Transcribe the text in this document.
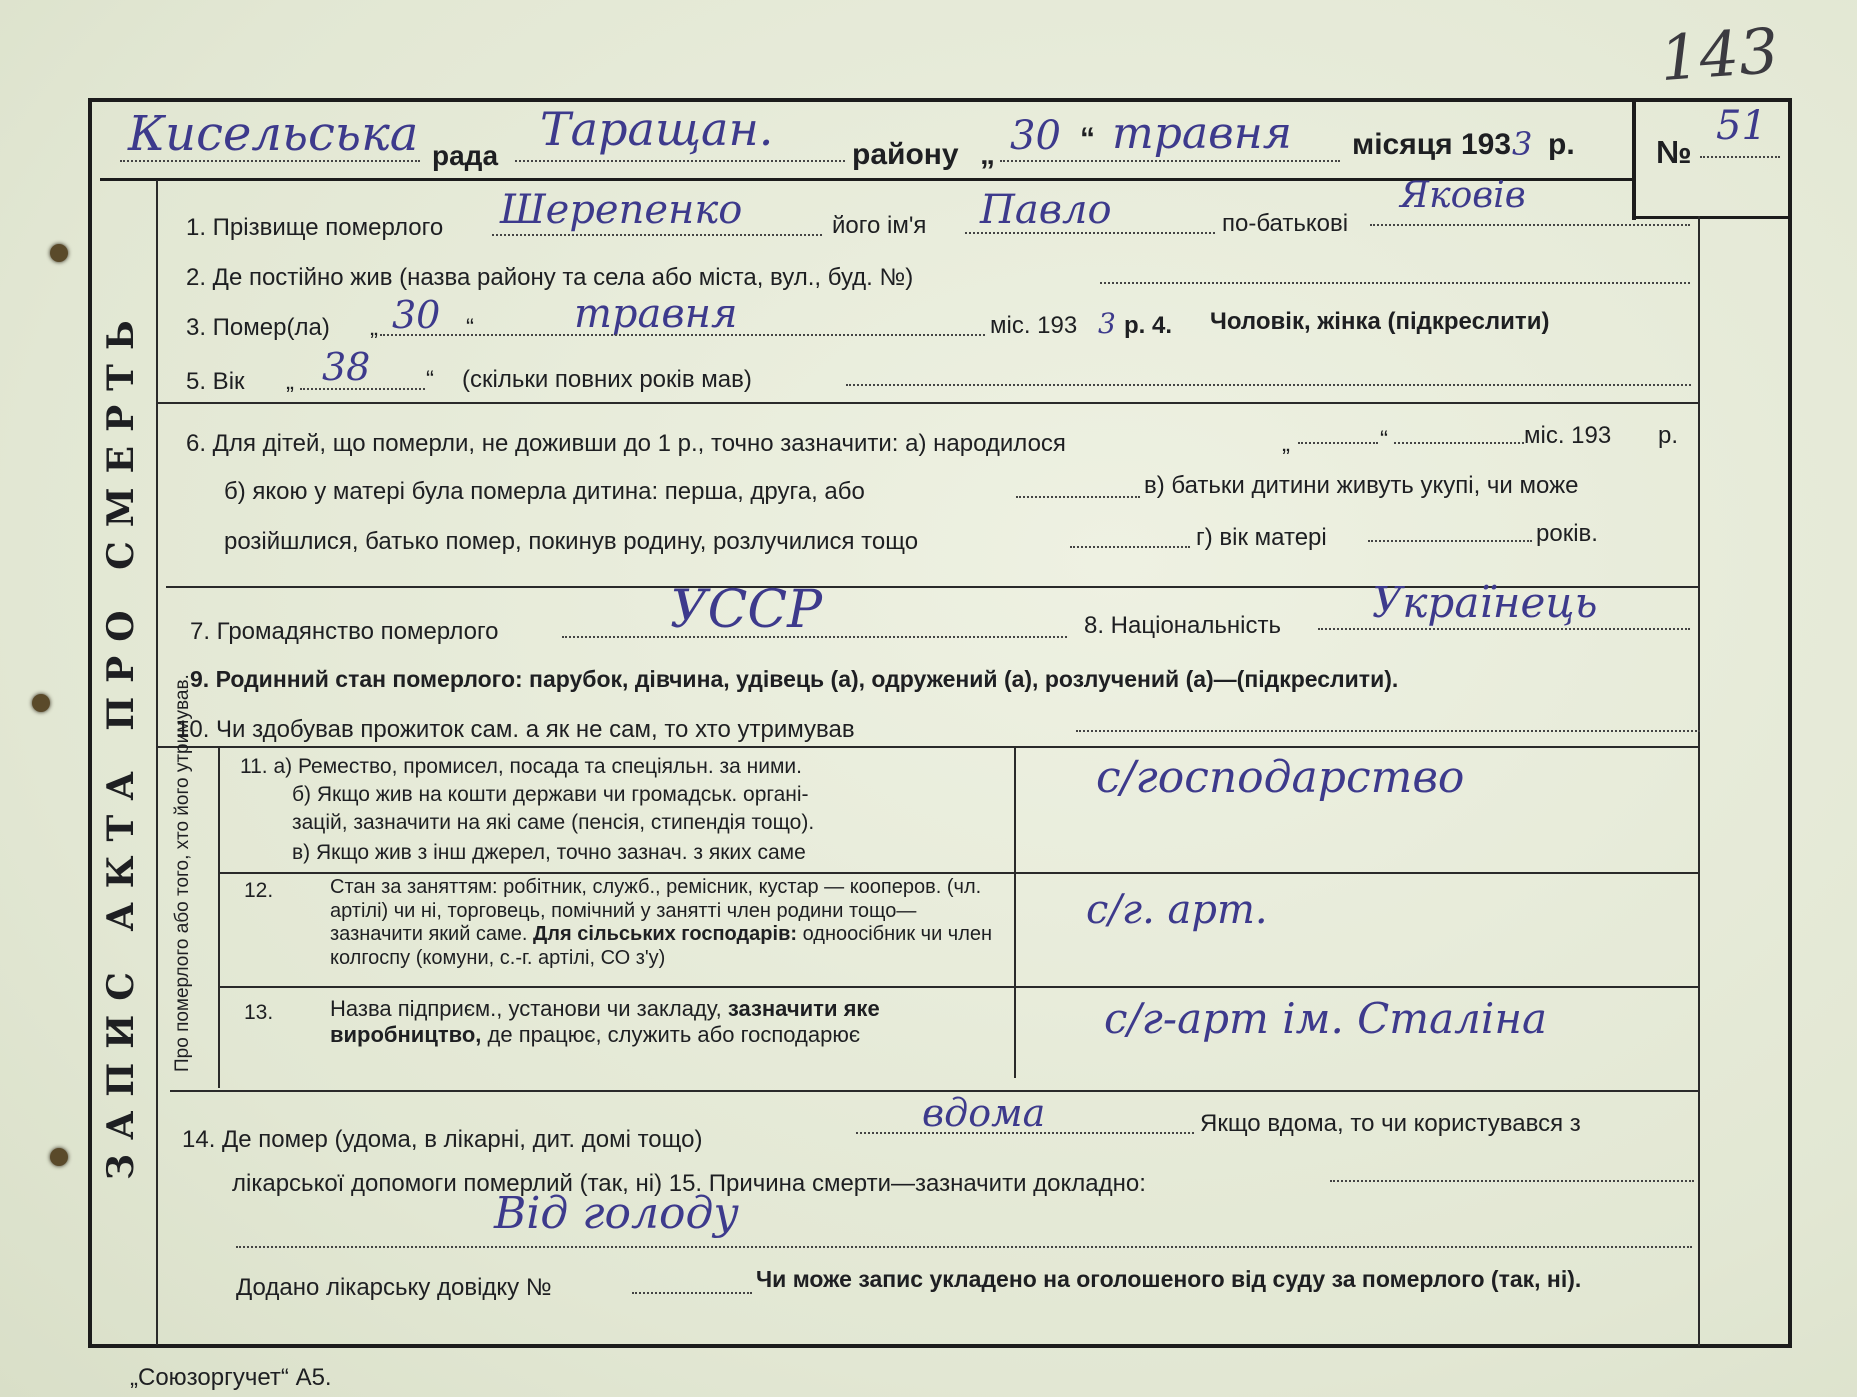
143
Кисельська рада Таращан.	району „ 30 “ травня місяця 193 3 р.	№
51
ЗАПИС АКТА ПРО СМЕРТЬ
1. Прізвище померлого Шерепенко	його ім'я Павло	по-батькові
Яковів
2. Де постійно жив (назва району та села або міста, вул., буд. №)
3. Помер(ла) „ 30 “	травня	міс. 193 3 р. 4. Чоловік, жінка (підкреслити)
5. Вік „ 38 “ (скільки повних років мав)
6. Для дітей, що померли, не доживши до 1 р., точно зазначити: а) народилося	„	“	міс. 193 р.
б) якою у матері була померла дитина: перша, друга, або	в) батьки дитини живуть укупі, чи може
розійшлися, батько помер, покинув родину, розлучилися тощо	г) вік матері	років.
7. Громадянство померлого	УССР	8. Національність Українець
9. Родинний стан померлого: парубок, дівчина, удівець (а), одружений (а), розлучений (а)—(підкреслити).
10. Чи здобував прожиток сам. а як не сам, то хто утримував
Про померлого або того, хто його утримував. 11. а) Ремество, промисел, посада та спеціяльн. за ними.
б) Якщо жив на кошти держави чи громадськ. органі-
зацій, зазначити на які саме (пенсія, стипендія тощо).
в) Якщо жив з інш джерел, точно зазнач. з яких саме
с/господарство
12.	Стан за заняттям: робітник, служб., ремісник, кустар — кооперов. (чл. артілі) чи ні, торговець, помічний у занятті член родини тощо—зазначити який саме. Для сільських господарів: одноосібник чи член колгоспу (комуни, с.-г. артілі, СО з'у)
с/г. арт.
13.	Назва підприєм., установи чи закладу, зазначити яке виробництво, де працює, служить або господарює	с/г-арт ім. Сталіна
14. Де помер (удома, в лікарні, дит. домі тощо)
вдома	Якщо вдома, то чи користувався з
лікарської допомоги померлий (так, ні) 15. Причина смерти—зазначити докладно:
Від голоду
Додано лікарську довідку №	Чи може запис укладено на оголошеного від суду за померлого (так, ні).
„Союзоргучет“ А5.
